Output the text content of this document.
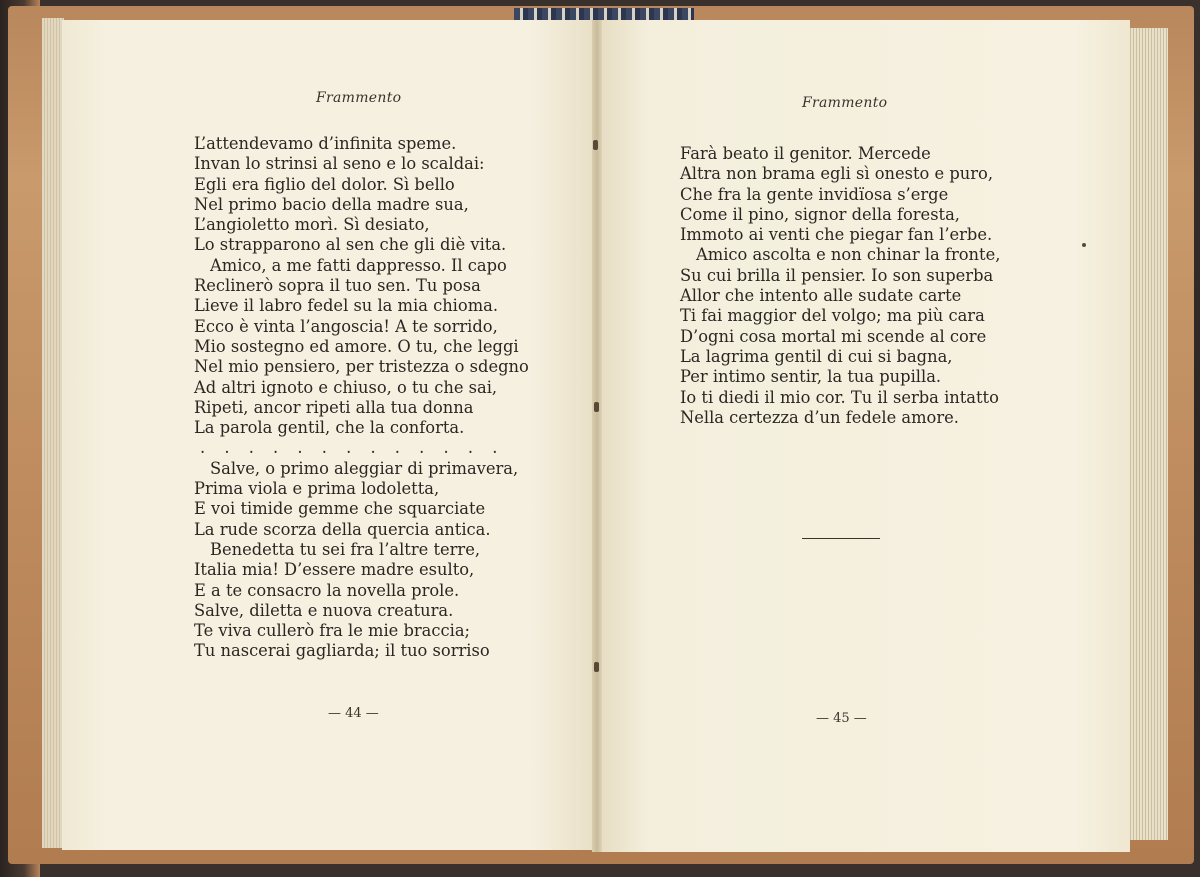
Frammento
L’attendevamo d’infinita speme.
Invan lo strinsi al seno e lo scaldai:
Egli era figlio del dolor. Sì bello
Nel primo bacio della madre sua,
L’angioletto morì. Sì desiato,
Lo strapparono al sen che gli diè vita.
Amico, a me fatti dappresso. Il capo
Reclinerò sopra il tuo sen. Tu posa
Lieve il labro fedel su la mia chioma.
Ecco è vinta l’angoscia! A te sorrido,
Mio sostegno ed amore. O tu, che leggi
Nel mio pensiero, per tristezza o sdegno
Ad altri ignoto e chiuso, o tu che sai,
Ripeti, ancor ripeti alla tua donna
La parola gentil, che la conforta.
. . . . . . . . . . . . .
Salve, o primo aleggiar di primavera,
Prima viola e prima lodoletta,
E voi timide gemme che squarciate
La rude scorza della quercia antica.
Benedetta tu sei fra l’altre terre,
Italia mia! D’essere madre esulto,
E a te consacro la novella prole.
Salve, diletta e nuova creatura.
Te viva cullerò fra le mie braccia;
Tu nascerai gagliarda; il tuo sorriso
— 44 —
Frammento
Farà beato il genitor. Mercede
Altra non brama egli sì onesto e puro,
Che fra la gente invidïosa s’erge
Come il pino, signor della foresta,
Immoto ai venti che piegar fan l’erbe.
Amico ascolta e non chinar la fronte,
Su cui brilla il pensier. Io son superba
Allor che intento alle sudate carte
Ti fai maggior del volgo; ma più cara
D’ogni cosa mortal mi scende al core
La lagrima gentil di cui si bagna,
Per intimo sentir, la tua pupilla.
Io ti diedi il mio cor. Tu il serba intatto
Nella certezza d’un fedele amore.
— 45 —
